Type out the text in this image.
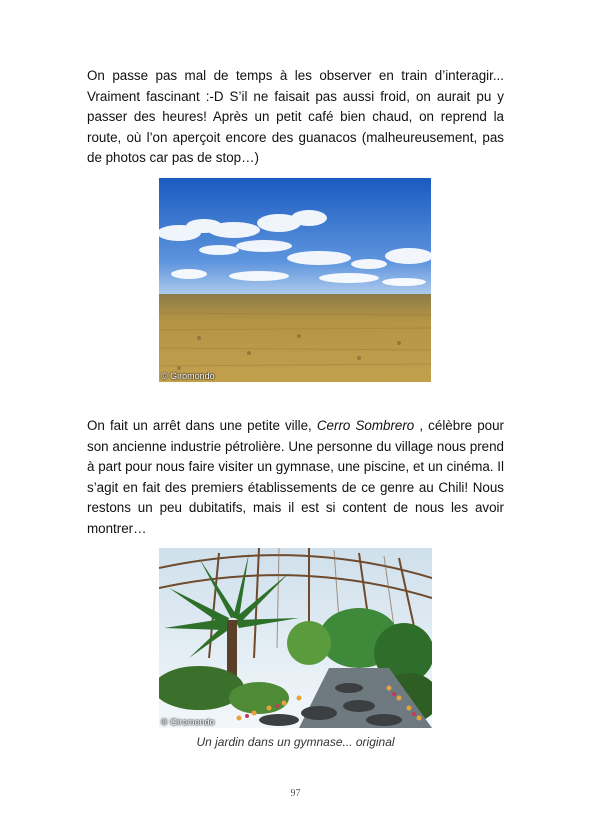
On passe pas mal de temps à les observer en train d’interagir... Vraiment fascinant :-D S’il ne faisait pas aussi froid, on aurait pu y passer des heures! Après un petit café bien chaud, on reprend la route, où l’on aperçoit encore des guanacos (malheureusement, pas de photos car pas de stop…)

© Giromondo

On fait un arrêt dans une petite ville, Cerro Sombrero , célèbre pour son ancienne industrie pétrolière. Une personne du village nous prend à part pour nous faire visiter un gymnase, une piscine, et un cinéma. Il s’agit en fait des premiers établissements de ce genre au Chili! Nous restons un peu dubitatifs, mais il est si content de nous les avoir montrer…

© Giromondo
Un jardin dans un gymnase... original
97
